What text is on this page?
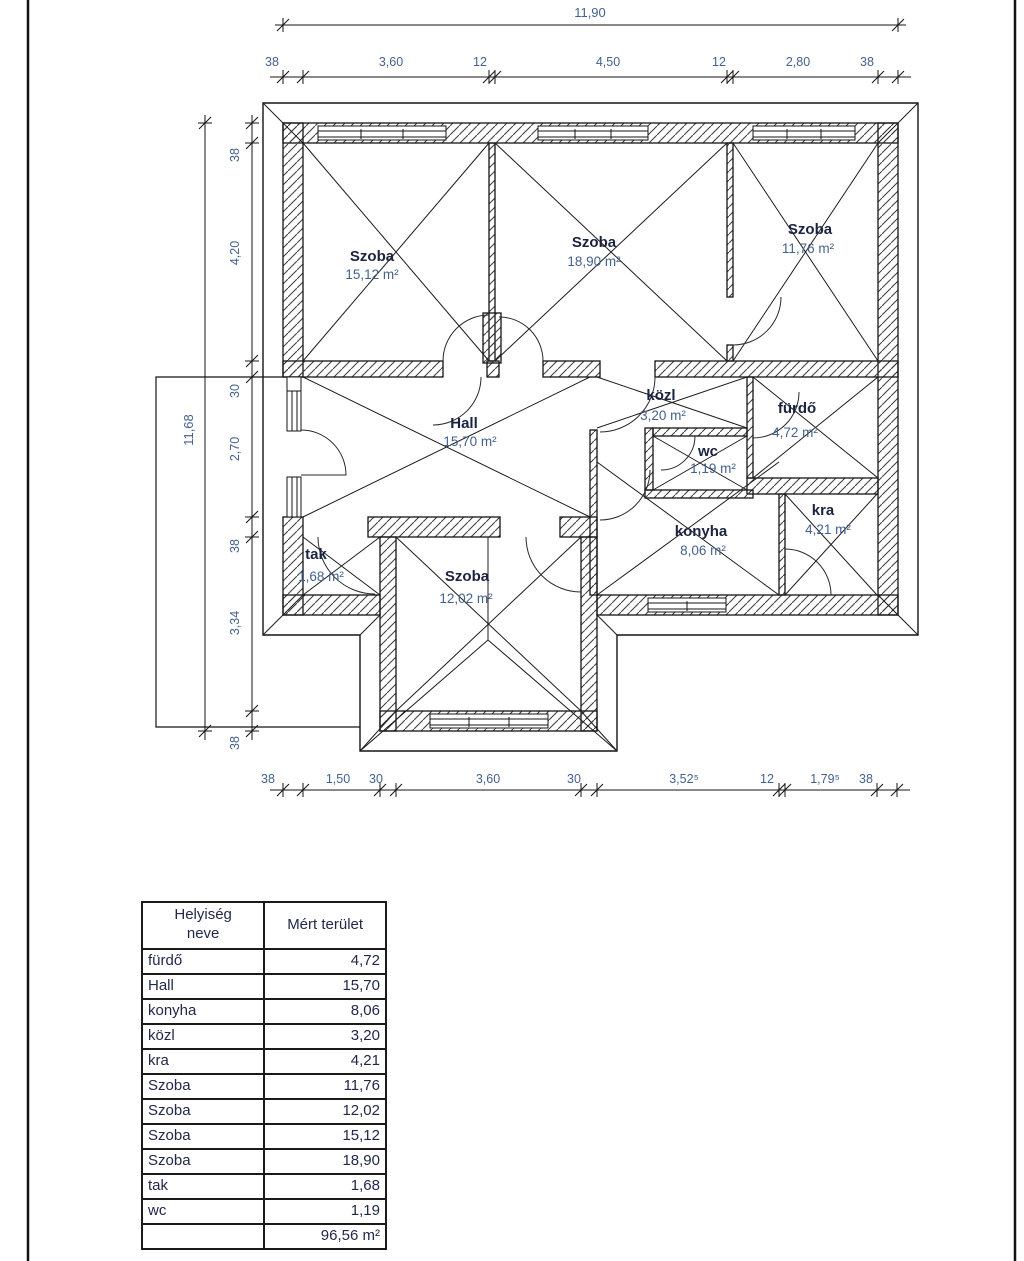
11,90
38	3,60	12	4,50	12	2,80	38
11,68
38
4,20
30
2,70
38
3,34
38
38	1,50 30	3,60	30	3,52⁵	12	1,79⁵ 38
Szoba
15,12 m²
Szoba
18,90 m²
Szoba
11,76 m²
Hall
15,70 m²
közl
3,20 m²	fürdő
4,72 m²
wc
1,19 m²
konyha
8,06 m²
kra
4,21 m²
tak
1,68 m²	Szoba
12,02 m²
Helyiség
neve	Mért terület
fürdő	4,72
Hall	15,70
konyha	8,06
közl	3,20
kra	4,21
Szoba	11,76
Szoba	12,02
Szoba	15,12
Szoba	18,90
tak	1,68
wc	1,19
	96,56 m²
